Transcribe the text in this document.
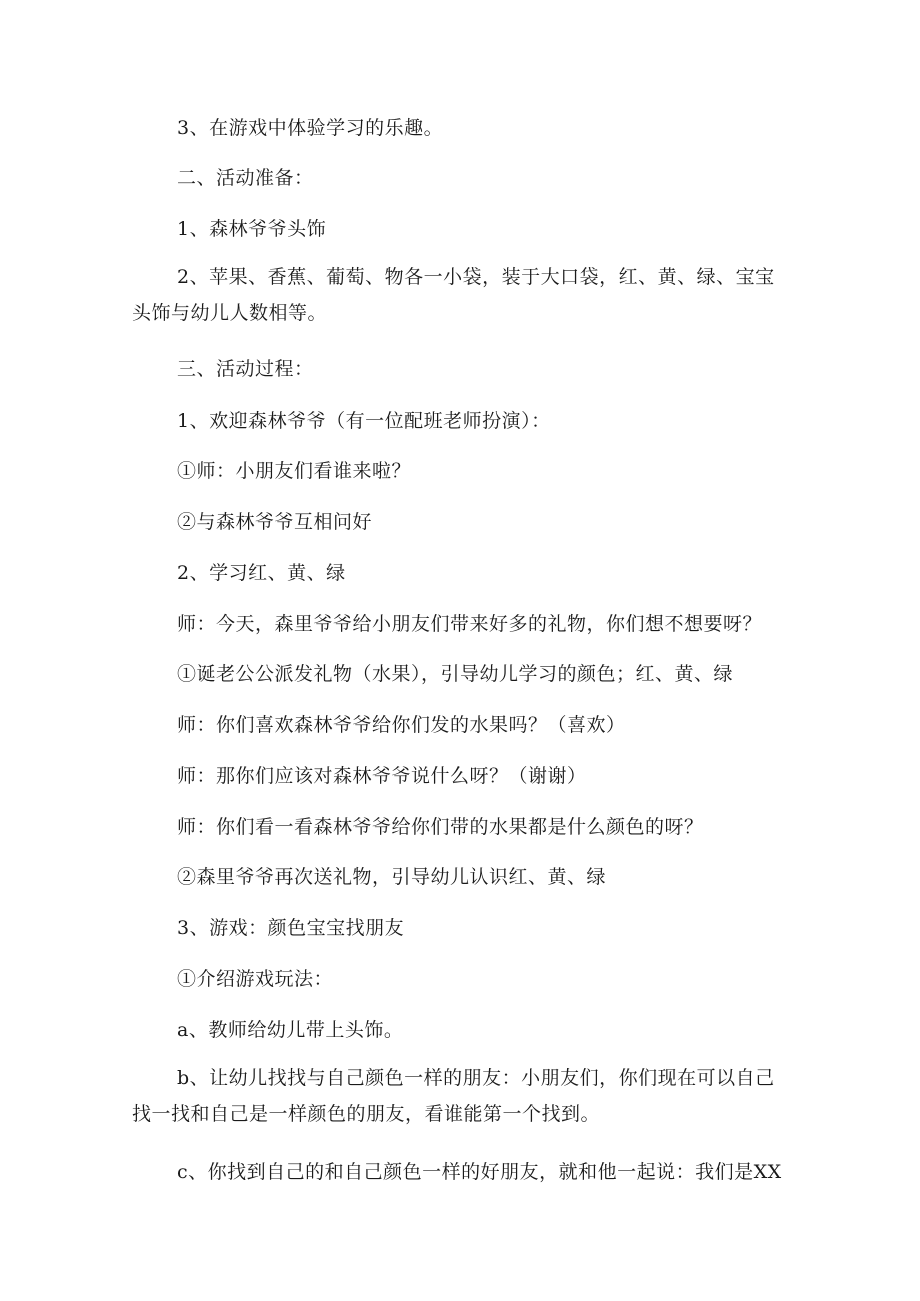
3、在游戏中体验学习的乐趣。
二、活动准备：
1、森林爷爷头饰
2、苹果、香蕉、葡萄、物各一小袋，装于大口袋，红、黄、绿、宝宝头饰与幼儿人数相等。
三、活动过程：
1、欢迎森林爷爷（有一位配班老师扮演）：
①师：小朋友们看谁来啦？
②与森林爷爷互相问好
2、学习红、黄、绿
师：今天，森里爷爷给小朋友们带来好多的礼物，你们想不想要呀？
①诞老公公派发礼物（水果），引导幼儿学习的颜色；红、黄、绿
师：你们喜欢森林爷爷给你们发的水果吗？（喜欢）
师：那你们应该对森林爷爷说什么呀？（谢谢）
师：你们看一看森林爷爷给你们带的水果都是什么颜色的呀？
②森里爷爷再次送礼物，引导幼儿认识红、黄、绿
3、游戏：颜色宝宝找朋友
①介绍游戏玩法：
a、教师给幼儿带上头饰。
b、让幼儿找找与自己颜色一样的朋友：小朋友们，你们现在可以自己找一找和自己是一样颜色的朋友，看谁能第一个找到。
c、你找到自己的和自己颜色一样的好朋友，就和他一起说：我们是XX
